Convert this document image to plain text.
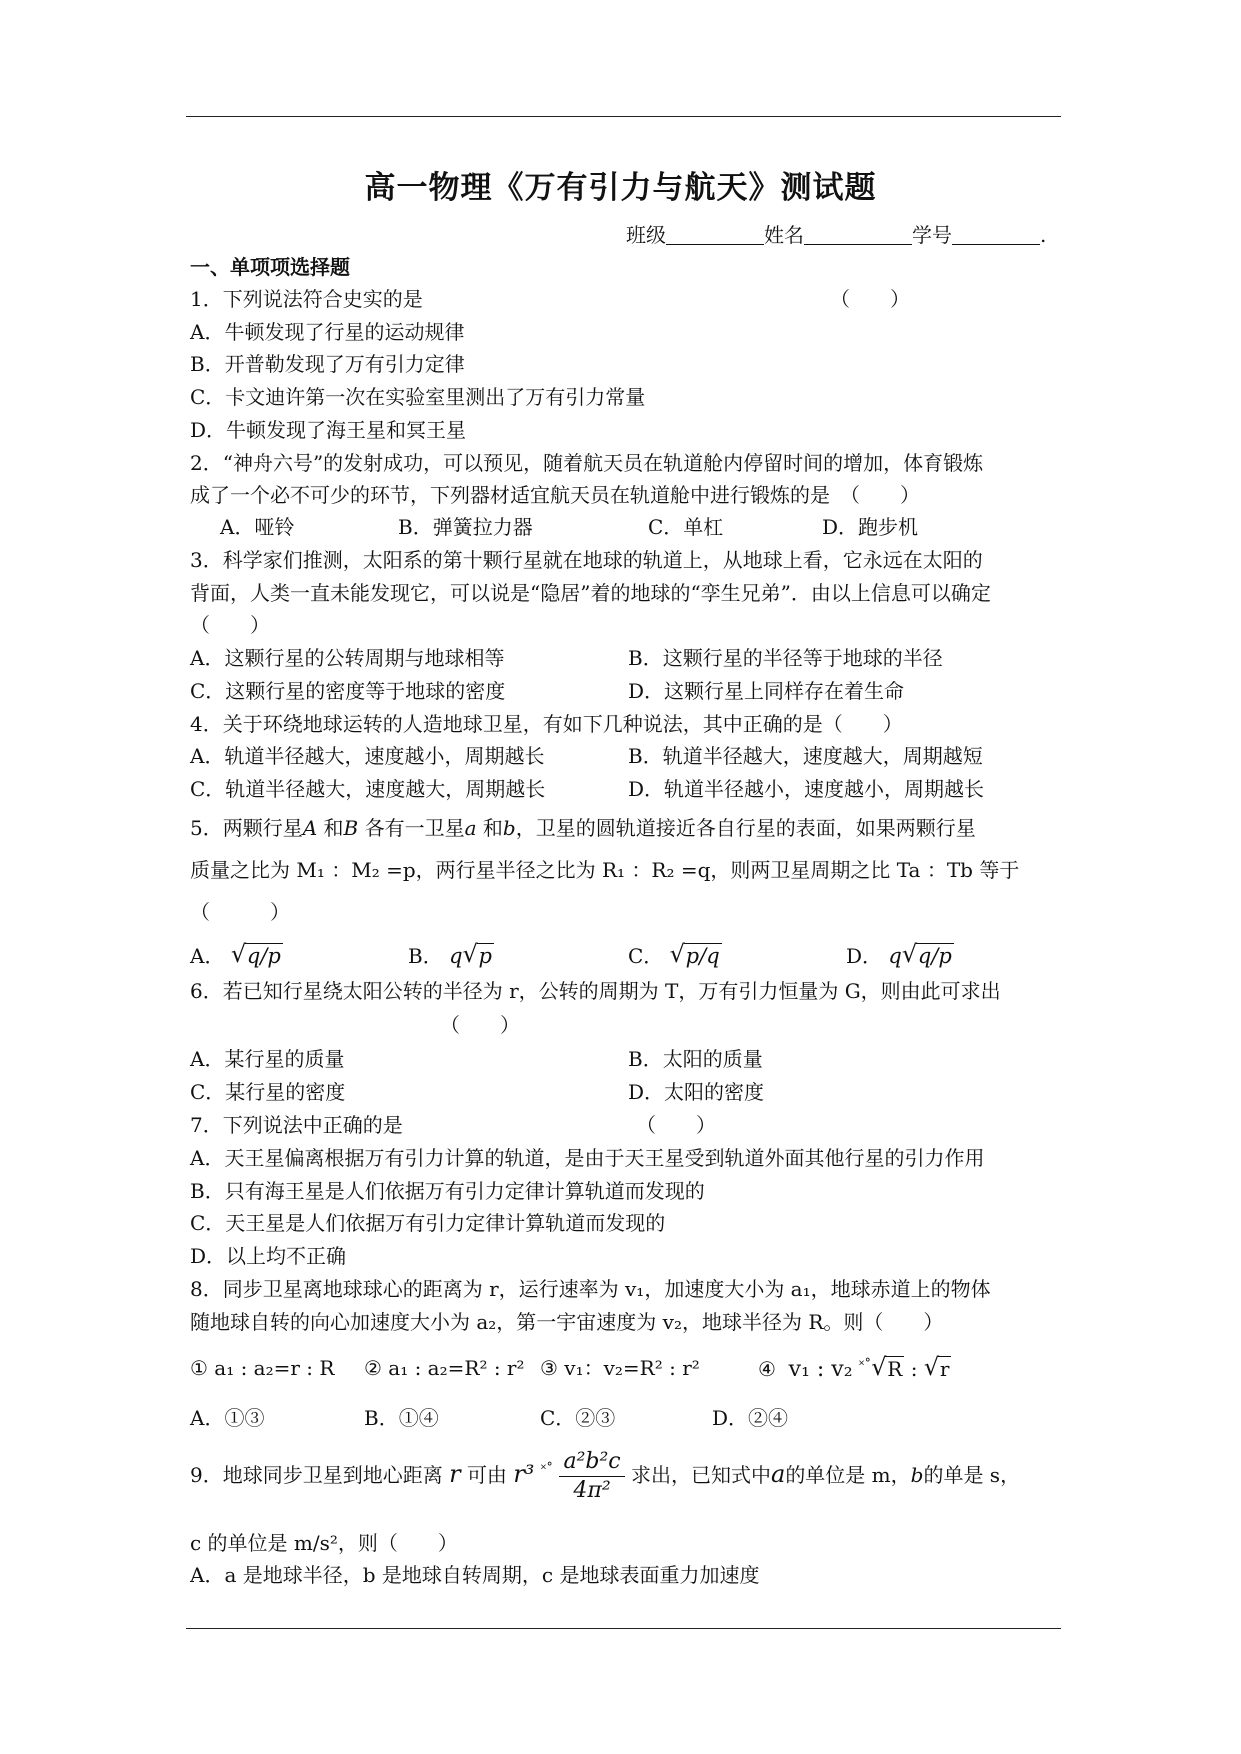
高一物理《万有引力与航天》测试题
班级	姓名	学号	.
一、单项项选择题
1．下列说法符合史实的是	（　　）
A．牛顿发现了行星的运动规律
B．开普勒发现了万有引力定律
C．卡文迪许第一次在实验室里测出了万有引力常量
D．牛顿发现了海王星和冥王星
2．“神舟六号”的发射成功，可以预见，随着航天员在轨道舱内停留时间的增加，体育锻炼
成了一个必不可少的环节，下列器材适宜航天员在轨道舱中进行锻炼的是　（　　）
A．哑铃	B．弹簧拉力器	C．单杠	D．跑步机
3．科学家们推测，太阳系的第十颗行星就在地球的轨道上，从地球上看，它永远在太阳的
背面，人类一直未能发现它，可以说是“隐居”着的地球的“孪生兄弟”．由以上信息可以确定
（　　）
A．这颗行星的公转周期与地球相等	B．这颗行星的半径等于地球的半径
C．这颗行星的密度等于地球的密度	D．这颗行星上同样存在着生命
4．关于环绕地球运转的人造地球卫星，有如下几种说法，其中正确的是（　　）
A．轨道半径越大，速度越小，周期越长	B．轨道半径越大，速度越大，周期越短
C．轨道半径越大，速度越大，周期越长	D．轨道半径越小，速度越小，周期越长
5．两颗行星A 和B 各有一卫星a 和b，卫星的圆轨道接近各自行星的表面，如果两颗行星
质量之比为 M₁ ：M₂ =p，两行星半径之比为 R₁ ：R₂ =q，则两卫星周期之比 Ta ：Tb 等于
（　　　）
A． √ q/p	B． q √ p	C． √ p/q	D． q √ q/p
6．若已知行星绕太阳公转的半径为 r，公转的周期为 T，万有引力恒量为 G，则由此可求出
（　　）
A．某行星的质量	B．太阳的质量
C．某行星的密度	D．太阳的密度
7．下列说法中正确的是	（　　）
A．天王星偏离根据万有引力计算的轨道，是由于天王星受到轨道外面其他行星的引力作用
B．只有海王星是人们依据万有引力定律计算轨道而发现的
C．天王星是人们依据万有引力定律计算轨道而发现的
D．以上均不正确
8．同步卫星离地球球心的距离为 r，运行速率为 v₁，加速度大小为 a₁，地球赤道上的物体
随地球自转的向心加速度大小为 a₂，第一宇宙速度为 v₂，地球半径为 R。则（　　）
① a₁ : a₂=r : R ② a₁ : a₂=R² : r² ③ v₁：v₂=R² : r²	④ v₁ : v₂ ˟˚ √ R : √ r
A．①③	B．①④	C．②③	D．②④
9．地球同步卫星到地心距离 r 可由 r³ $^{˟˚} \frac{\text{a²b²c}}{\text{4π²}}$ 求出，已知式中a的单位是 m，b的单是 s，
c 的单位是 m/s²，则（　　）
A．a 是地球半径，b 是地球自转周期，c 是地球表面重力加速度
